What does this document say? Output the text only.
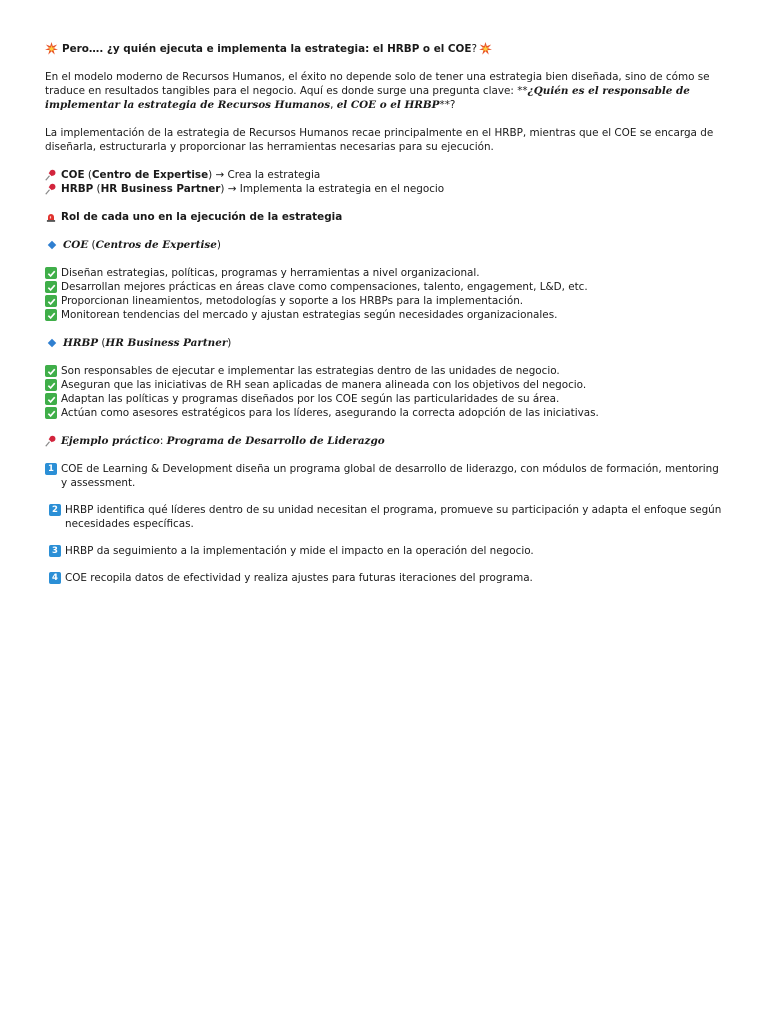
Pero…. ¿y quién ejecuta e implementa la estrategia: el HRBP o el COE?

En el modelo moderno de Recursos Humanos, el éxito no depende solo de tener una estrategia bien diseñada, sino de cómo se traduce en resultados tangibles para el negocio. Aquí es donde surge una pregunta clave: **¿Quién es el responsable de implementar la estrategia de Recursos Humanos, el COE o el HRBP**?

La implementación de la estrategia de Recursos Humanos recae principalmente en el HRBP, mientras que el COE se encarga de diseñarla, estructurarla y proporcionar las herramientas necesarias para su ejecución.

COE (Centro de Expertise) → Crea la estrategia

HRBP (HR Business Partner) → Implementa la estrategia en el negocio

Rol de cada uno en la ejecución de la estrategia

COE (Centros de Expertise)

Diseñan estrategias, políticas, programas y herramientas a nivel organizacional.

Desarrollan mejores prácticas en áreas clave como compensaciones, talento, engagement, L&D, etc.

Proporcionan lineamientos, metodologías y soporte a los HRBPs para la implementación.

Monitorean tendencias del mercado y ajustan estrategias según necesidades organizacionales.

HRBP (HR Business Partner)

Son responsables de ejecutar e implementar las estrategias dentro de las unidades de negocio.

Aseguran que las iniciativas de RH sean aplicadas de manera alineada con los objetivos del negocio.

Adaptan las políticas y programas diseñados por los COE según las particularidades de su área.

Actúan como asesores estratégicos para los líderes, asegurando la correcta adopción de las iniciativas.

Ejemplo práctico: Programa de Desarrollo de Liderazgo

1 COE de Learning & Development diseña un programa global de desarrollo de liderazgo, con módulos de formación, mentoring y assessment.

2 HRBP identifica qué líderes dentro de su unidad necesitan el programa, promueve su participación y adapta el enfoque según necesidades específicas.

3 HRBP da seguimiento a la implementación y mide el impacto en la operación del negocio.

4 COE recopila datos de efectividad y realiza ajustes para futuras iteraciones del programa.
